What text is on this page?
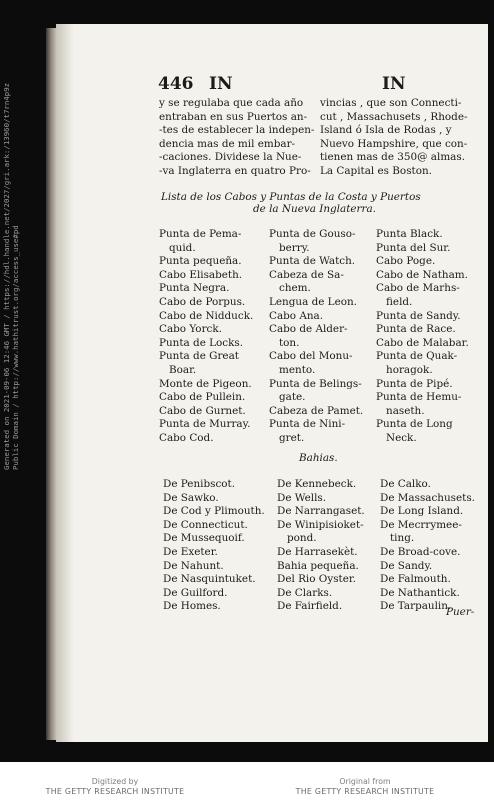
446 IN	IN
y se regulaba que cada año
entraban en sus Puertos an-
-tes de establecer la indepen-
dencia mas de mil embar-
-caciones. Dividese la Nue-
-va Inglaterra en quatro Pro-
vincias , que son Connecti-
cut , Massachusets , Rhode-
Island ó Isla de Rodas , y
Nuevo Hampshire, que con-
tienen mas de 350@ almas.
La Capital es Boston.
Lista de los Cabos y Puntas de la Costa y Puertos
de la Nueva Inglaterra.
Punta de Pema-
quid.
Punta pequeña.
Cabo Elisabeth.
Punta Negra.
Cabo de Porpus.
Cabo de Nidduck.
Cabo Yorck.
Punta de Locks.
Punta de Great
Boar.
Monte de Pigeon.
Cabo de Pullein.
Cabo de Gurnet.
Punta de Murray.
Cabo Cod.
Punta de Gouso-
berry.
Punta de Watch.
Cabeza de Sa-
chem.
Lengua de Leon.
Cabo Ana.
Cabo de Alder-
ton.
Cabo del Monu-
mento.
Punta de Belings-
gate.
Cabeza de Pamet.
Punta de Nini-
gret.
Punta Black.
Punta del Sur.
Cabo Poge.
Cabo de Natham.
Cabo de Marhs-
field.
Punta de Sandy.
Punta de Race.
Cabo de Malabar.
Punta de Quak-
horagok.
Punta de Pipé.
Punta de Hemu-
naseth.
Punta de Long
Neck.
Bahias.
De Penibscot.
De Sawko.
De Cod y Plimouth.
De Connecticut.
De Mussequoif.
De Exeter.
De Nahunt.
De Nasquintuket.
De Guilford.
De Homes.
De Kennebeck.
De Wells.
De Narrangaset.
De Winipisioket-
pond.
De Harrasekèt.
Bahia pequeña.
Del Rio Oyster.
De Clarks.
De Fairfield.
De Calko.
De Massachusets.
De Long Island.
De Mecrrymee-
ting.
De Broad-cove.
De Sandy.
De Falmouth.
De Nathantick.
De Tarpaulin.
Puer-
Generated on 2021-09-06 12:46 GMT / https://hdl.handle.net/2027/gri.ark:/13960/t7rn4p9z Public Domain / http://www.hathitrust.org/access_use#pd
Digitized by
THE GETTY RESEARCH INSTITUTE
Original from
THE GETTY RESEARCH INSTITUTE
